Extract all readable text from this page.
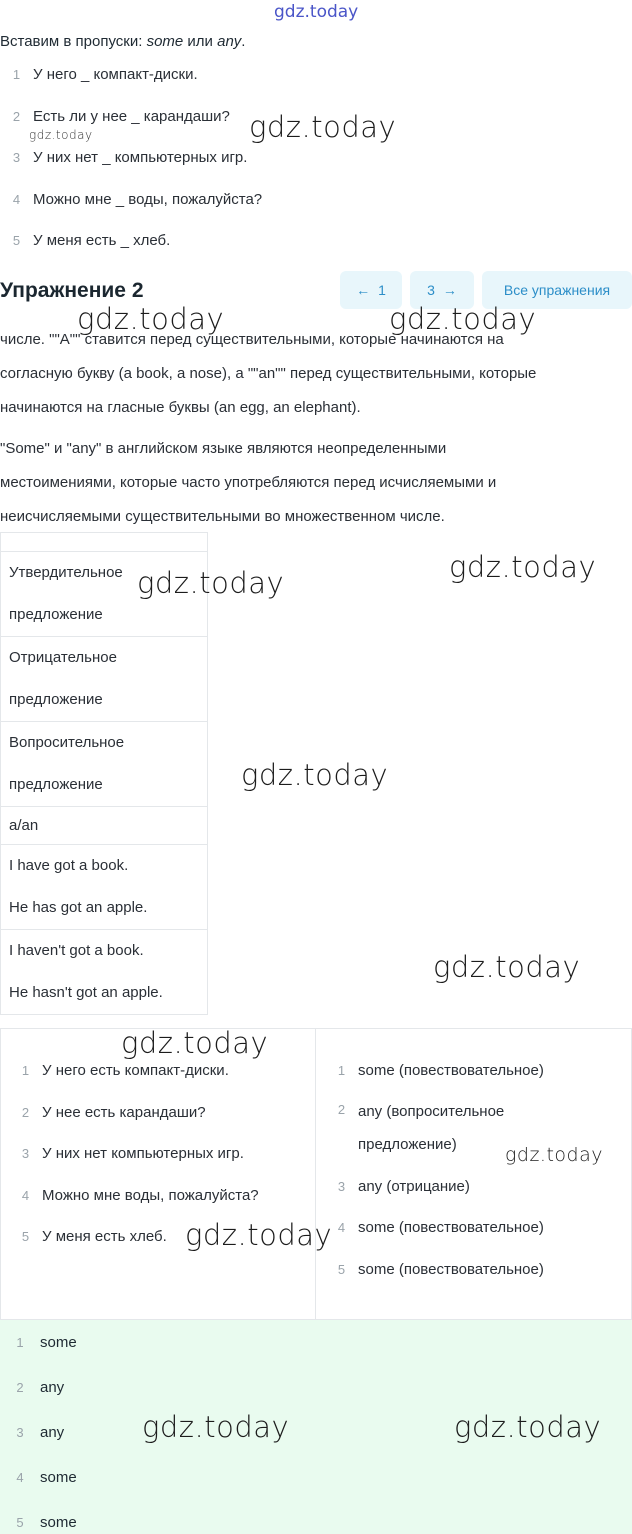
gdz.today
Вставим в пропуски: some или any.
1 У него _ компакт-диски.
2 Есть ли у нее _ карандаши?
3 У них нет _ компьютерных игр.
4 Можно мне _ воды, пожалуйста?
5 У меня есть _ хлеб.
Упражнение 2	← 1	3 →	Все упражнения
числе. ""A"" ставится перед существительными, которые начинаются на
согласную букву (a book, a nose), а ""an"" перед существительными, которые
начинаются на гласные буквы (an egg, an elephant).
"Some" и "any" в английском языке являются неопределенными
местоимениями, которые часто употребляются перед исчисляемыми и
неисчисляемыми существительными во множественном числе.
Утвердительное
предложение
Отрицательное
предложение
Вопросительное
предложение
a/an
I have got a book.
He has got an apple.
I haven't got a book.
He hasn't got an apple.
1 У него есть компакт-диски.
2 У нее есть карандаши?
3 У них нет компьютерных игр.
4 Можно мне воды, пожалуйста?
5 У меня есть хлеб.
1 some (повествовательное)
2 any (вопросительное
предложение)
3 any (отрицание)
4 some (повествовательное)
5 some (повествовательное)
1	some
2	any
3	any
4	some
5	some
gdz.today	gdz.today
gdz.today	gdz.today
gdz.today	gdz.today
gdz.today
gdz.today
gdz.today
gdz.today
gdz.today
gdz.today	gdz.today
